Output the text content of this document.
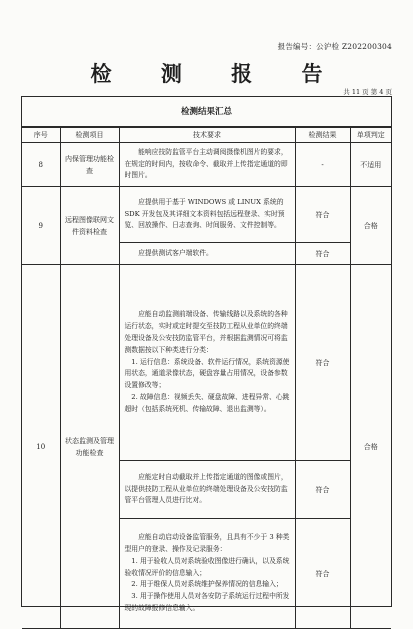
报告编号：公沪检 Z202200304
检 测 报 告
共 11 页 第 4 页
检测结果汇总
序号	检测项目	技术要求	检测结果	单项判定
8	内保管理功能检查	能响应技防监管平台主动调阅摄像机图片的要求，在规定的时间内，按收命令、截取并上传指定通道的即时图片。	-	不适用
9	远程图像联网文件资料检查	应提供用于基于 WINDOWS 或 LINUX 系统的 SDK 开发包及其详细文本资料包括远程登录、实时预览、回放操作、日志查询、时间服务、文件控制等。	符合	合格

		应提供测试客户端软件。	符合	
10	状态监测及管理功能检查	应能自动监测前端设备、传输线路以及系统的各种运行状态，实时或定时提交至技防工程从业单位的终端处理设备及公安技防监管平台，并根据监测情况可将监测数据按以下种类进行分类：
1. 运行信息：系统设备、软件运行情况，系统资源使用状态，通道录像状态，硬盘容量占用情况，设备参数设置修改等；
2. 故障信息：视频丢失、硬盘故障、进程异常、心跳超时（包括系统死机、传输故障、退出监测等）。	符合	合格

		应能定时自动截取并上传指定通道的图像或图片，以提供技防工程从业单位的终端处理设备及公安技防监管平台管理人员进行比对。	符合	

		应能自动启动设备监管服务，且具有不少于 3 种类型用户的登录、操作及记录服务：
1. 用于验收人员对系统验收图像进行确认，以及系统验收情况评价的信息输入；
2. 用于维保人员对系统维护保养情况的信息输入；
3. 用于操作使用人员对各安防子系统运行过程中所发现的故障报修信息输入。	符合	
